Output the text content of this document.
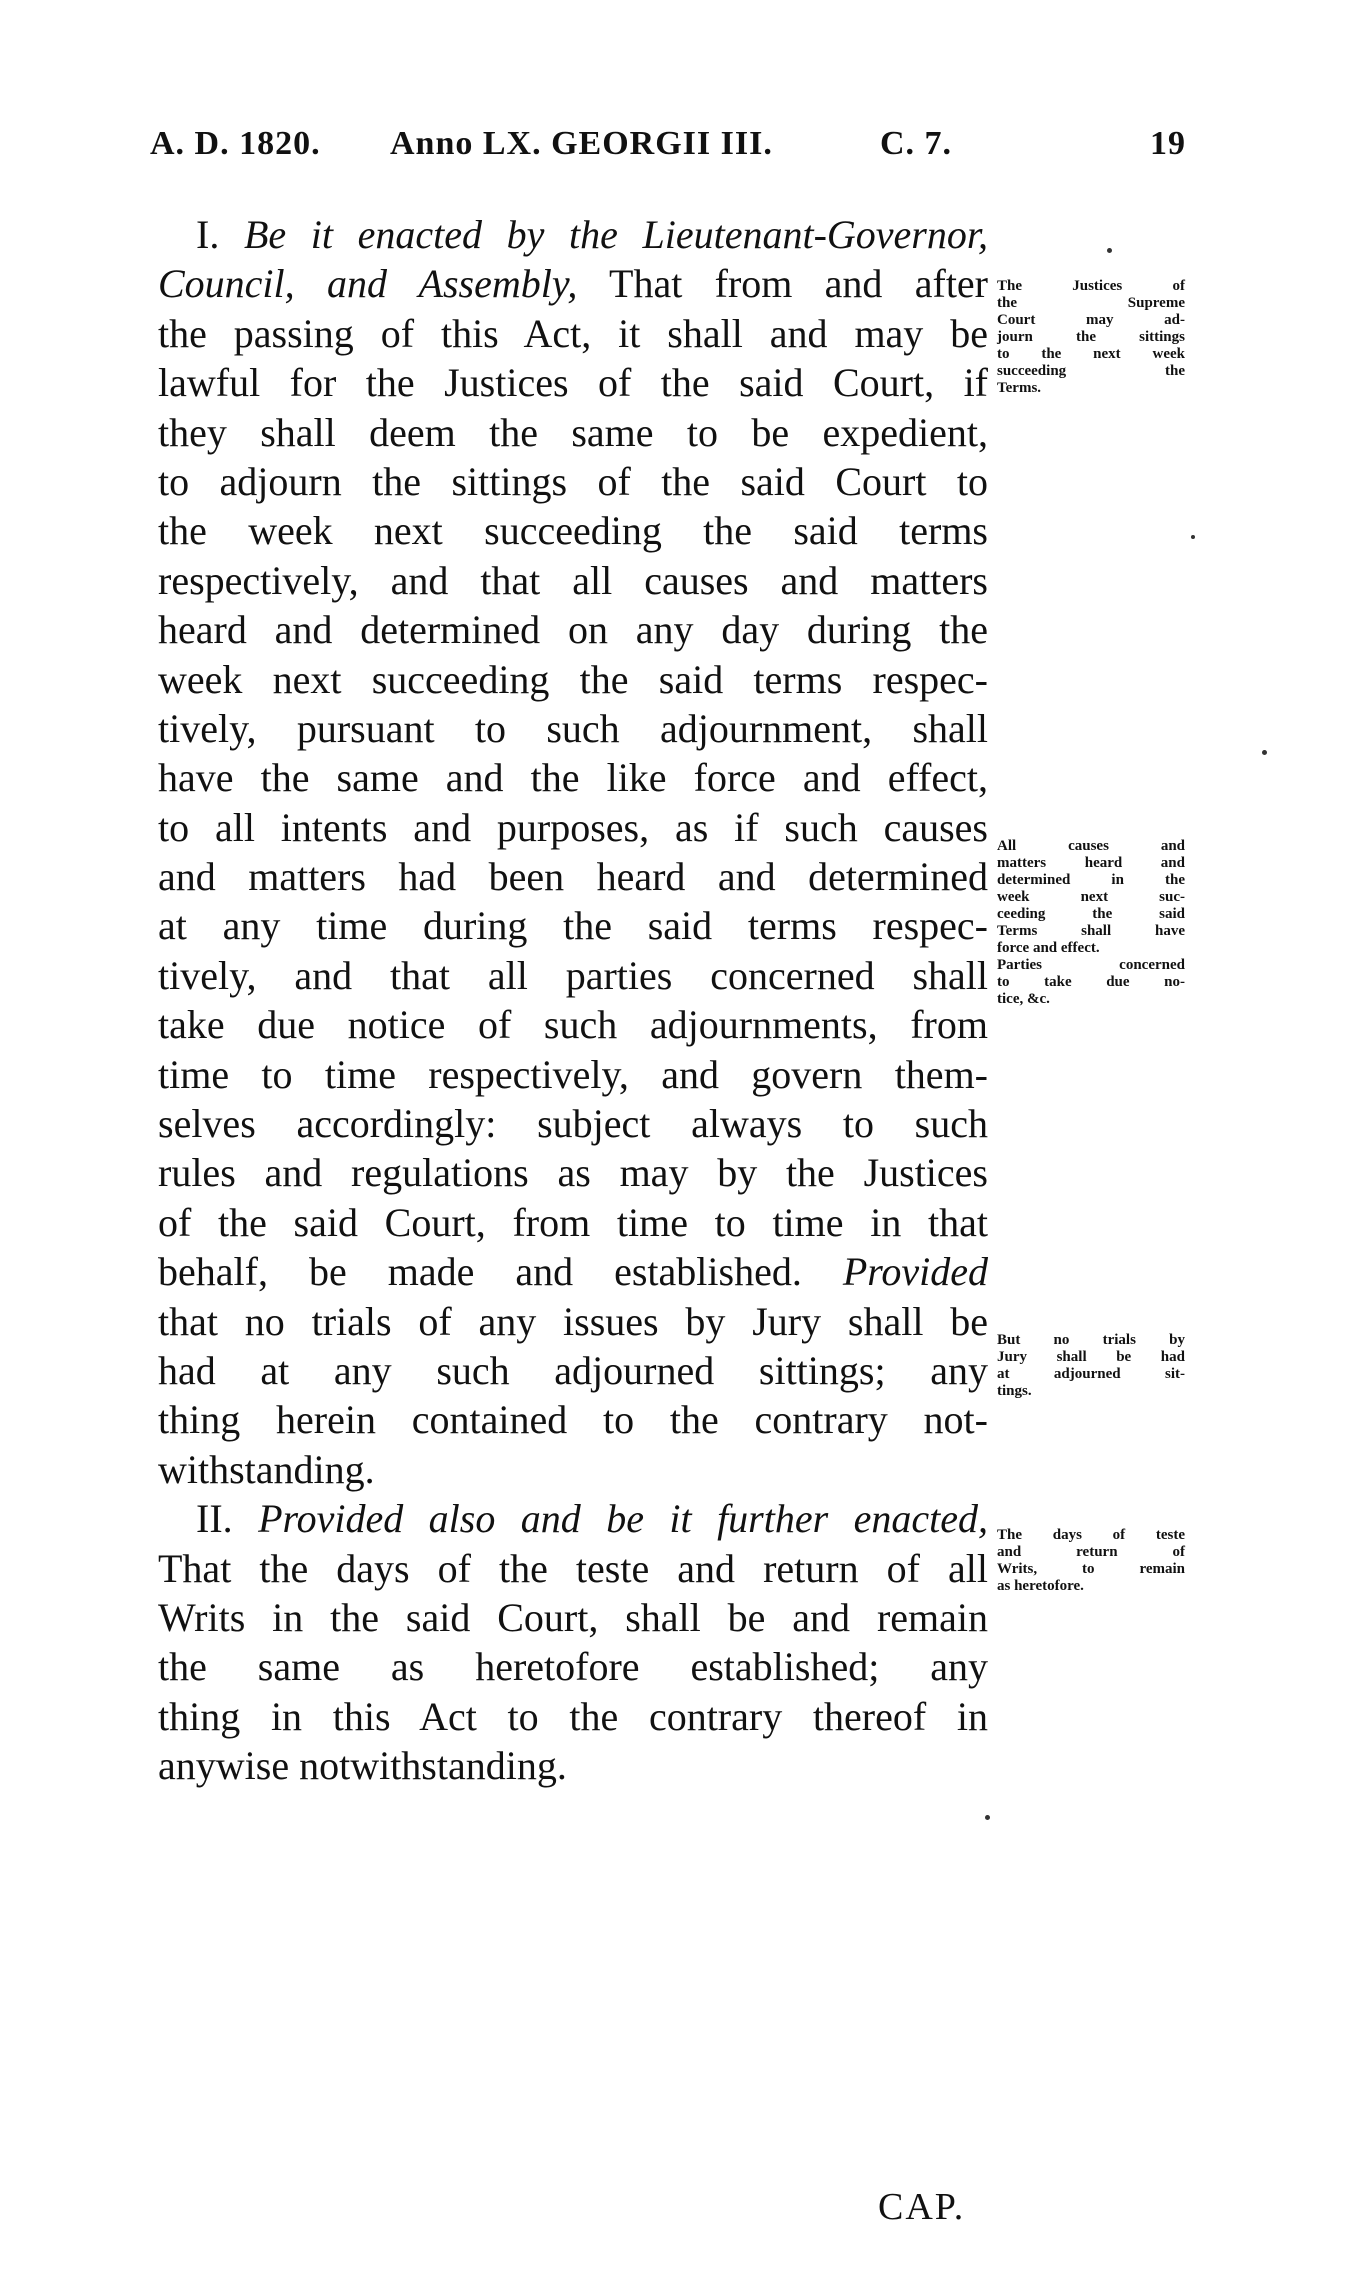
A. D. 1820. Anno LX. GEORGII III.	C. 7.	19
I. Be it enacted by the Lieutenant-Governor,
Council, and Assembly, That from and after
the passing of this Act, it shall and may be
lawful for the Justices of the said Court, if
they shall deem the same to be expedient,
to adjourn the sittings of the said Court to
the week next succeeding the said terms
respectively, and that all causes and matters
heard and determined on any day during the
week next succeeding the said terms respec-
tively, pursuant to such adjournment, shall
have the same and the like force and effect,
to all intents and purposes, as if such causes
and matters had been heard and determined
at any time during the said terms respec-
tively, and that all parties concerned shall
take due notice of such adjournments, from
time to time respectively, and govern them-
selves accordingly: subject always to such
rules and regulations as may by the Justices
of the said Court, from time to time in that
behalf, be made and established. Provided
that no trials of any issues by Jury shall be
had at any such adjourned sittings; any
thing herein contained to the contrary not-
withstanding.
II. Provided also and be it further enacted,
That the days of the teste and return of all
Writs in the said Court, shall be and remain
the same as heretofore established; any
thing in this Act to the contrary thereof in
anywise notwithstanding.
The Justices of
the Supreme
Court may ad-
journ the sittings
to the next week
succeeding the
Terms.
All causes and
matters heard and
determined in the
week next suc-
ceeding the said
Terms shall have
force and effect.
Parties concerned
to take due no-
tice, &c.
But no trials by
Jury shall be had
at adjourned sit-
tings.
The days of teste
and return of
Writs, to remain
as heretofore.
CAP.
